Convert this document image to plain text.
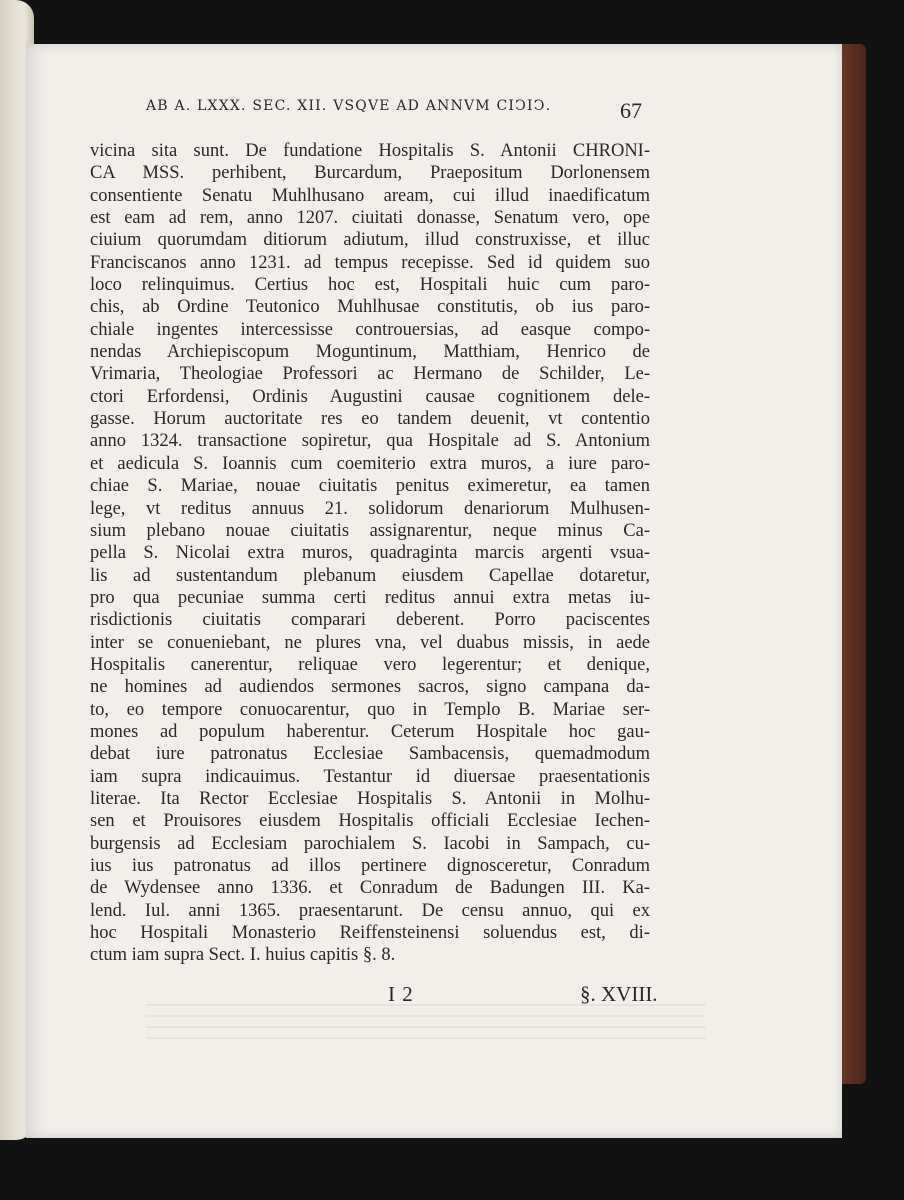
AB A. LXXX. SEC. XII. VSQVE AD ANNVM CIↃIↃ.	67
vicina sita sunt. De fundatione Hospitalis S. Antonii CHRONI-
CA MSS. perhibent, Burcardum, Praepositum Dorlonensem
consentiente Senatu Muhlhusano aream, cui illud inaedificatum
est eam ad rem, anno 1207. ciuitati donasse, Senatum vero, ope
ciuium quorumdam ditiorum adiutum, illud construxisse, et illuc
Franciscanos anno 1231. ad tempus recepisse. Sed id quidem suo
loco relinquimus. Certius hoc est, Hospitali huic cum paro-
chis, ab Ordine Teutonico Muhlhusae constitutis, ob ius paro-
chiale ingentes intercessisse controuersias, ad easque compo-
nendas Archiepiscopum Moguntinum, Matthiam, Henrico de
Vrimaria, Theologiae Professori ac Hermano de Schilder, Le-
ctori Erfordensi, Ordinis Augustini causae cognitionem dele-
gasse. Horum auctoritate res eo tandem deuenit, vt contentio
anno 1324. transactione sopiretur, qua Hospitale ad S. Antonium
et aedicula S. Ioannis cum coemiterio extra muros, a iure paro-
chiae S. Mariae, nouae ciuitatis penitus eximeretur, ea tamen
lege, vt reditus annuus 21. solidorum denariorum Mulhusen-
sium plebano nouae ciuitatis assignarentur, neque minus Ca-
pella S. Nicolai extra muros, quadraginta marcis argenti vsua-
lis ad sustentandum plebanum eiusdem Capellae dotaretur,
pro qua pecuniae summa certi reditus annui extra metas iu-
risdictionis ciuitatis comparari deberent. Porro paciscentes
inter se conueniebant, ne plures vna, vel duabus missis, in aede
Hospitalis canerentur, reliquae vero legerentur; et denique,
ne homines ad audiendos sermones sacros, signo campana da-
to, eo tempore conuocarentur, quo in Templo B. Mariae ser-
mones ad populum haberentur. Ceterum Hospitale hoc gau-
debat iure patronatus Ecclesiae Sambacensis, quemadmodum
iam supra indicauimus. Testantur id diuersae praesentationis
literae. Ita Rector Ecclesiae Hospitalis S. Antonii in Molhu-
sen et Prouisores eiusdem Hospitalis officiali Ecclesiae Iechen-
burgensis ad Ecclesiam parochialem S. Iacobi in Sampach, cu-
ius ius patronatus ad illos pertinere dignosceretur, Conradum
de Wydensee anno 1336. et Conradum de Badungen III. Ka-
lend. Iul. anni 1365. praesentarunt. De censu annuo, qui ex
hoc Hospitali Monasterio Reiffensteinensi soluendus est, di-
ctum iam supra Sect. I. huius capitis §. 8.
I 2	§. XVIII.
